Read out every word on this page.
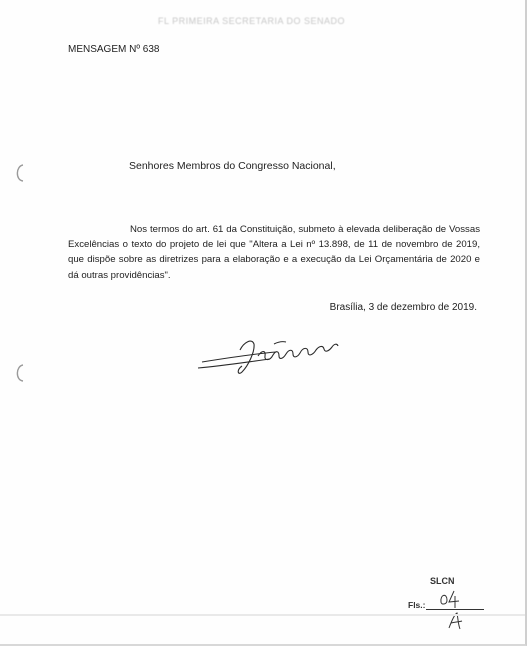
FL PRIMEIRA SECRETARIA DO SENADO
MENSAGEM Nº 638
Senhores Membros do Congresso Nacional,

Nos termos do art. 61 da Constituição, submeto à elevada deliberação de Vossas Excelências o texto do projeto de lei que "Altera a Lei nº 13.898, de 11 de novembro de 2019, que dispõe sobre as diretrizes para a elaboração e a execução da Lei Orçamentária de 2020 e dá outras providências".

Brasília, 3 de dezembro de 2019.
SLCN
Fls.:
